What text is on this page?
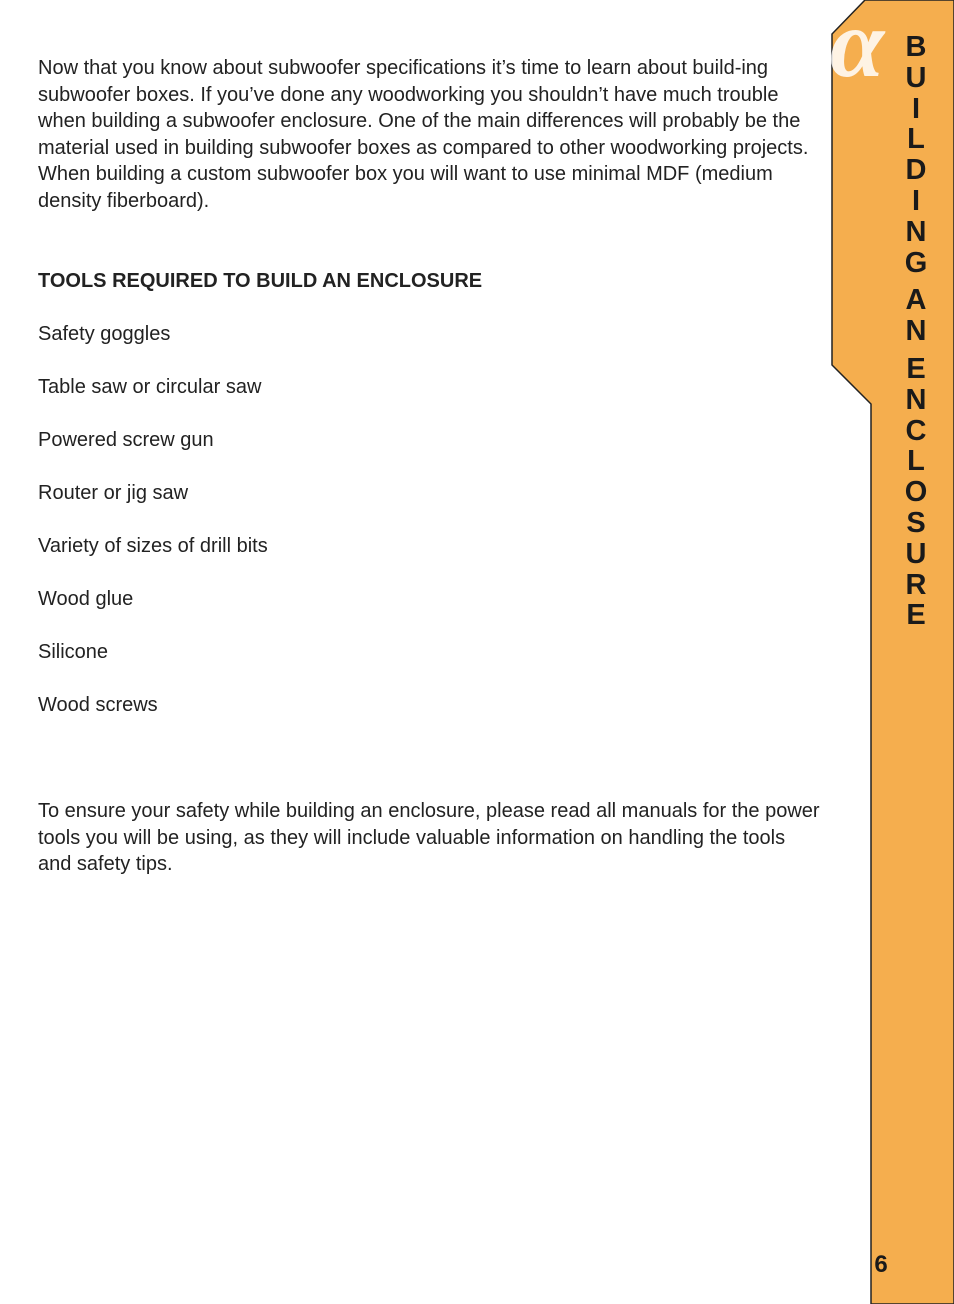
Now that you know about subwoofer specifications it’s time to learn about build-ing subwoofer boxes. If you’ve done any woodworking you shouldn’t have much trouble when building a subwoofer enclosure. One of the main differences will probably be the material used in building subwoofer boxes as compared to other woodworking projects. When building a custom subwoofer box you will want to use minimal MDF (medium density fiberboard).

TOOLS REQUIRED TO BUILD AN ENCLOSURE
Safety goggles
Table saw or circular saw
Powered screw gun
Router or jig saw
Variety of sizes of drill bits
Wood glue
Silicone
Wood screws

To ensure your safety while building an enclosure, please read all manuals for the power tools you will be using, as they will include valuable information on handling the tools and safety tips.

B
U
I
L
D
I
N
G
A
N
E
N
C
L
O
S
U
R
E
α
6
